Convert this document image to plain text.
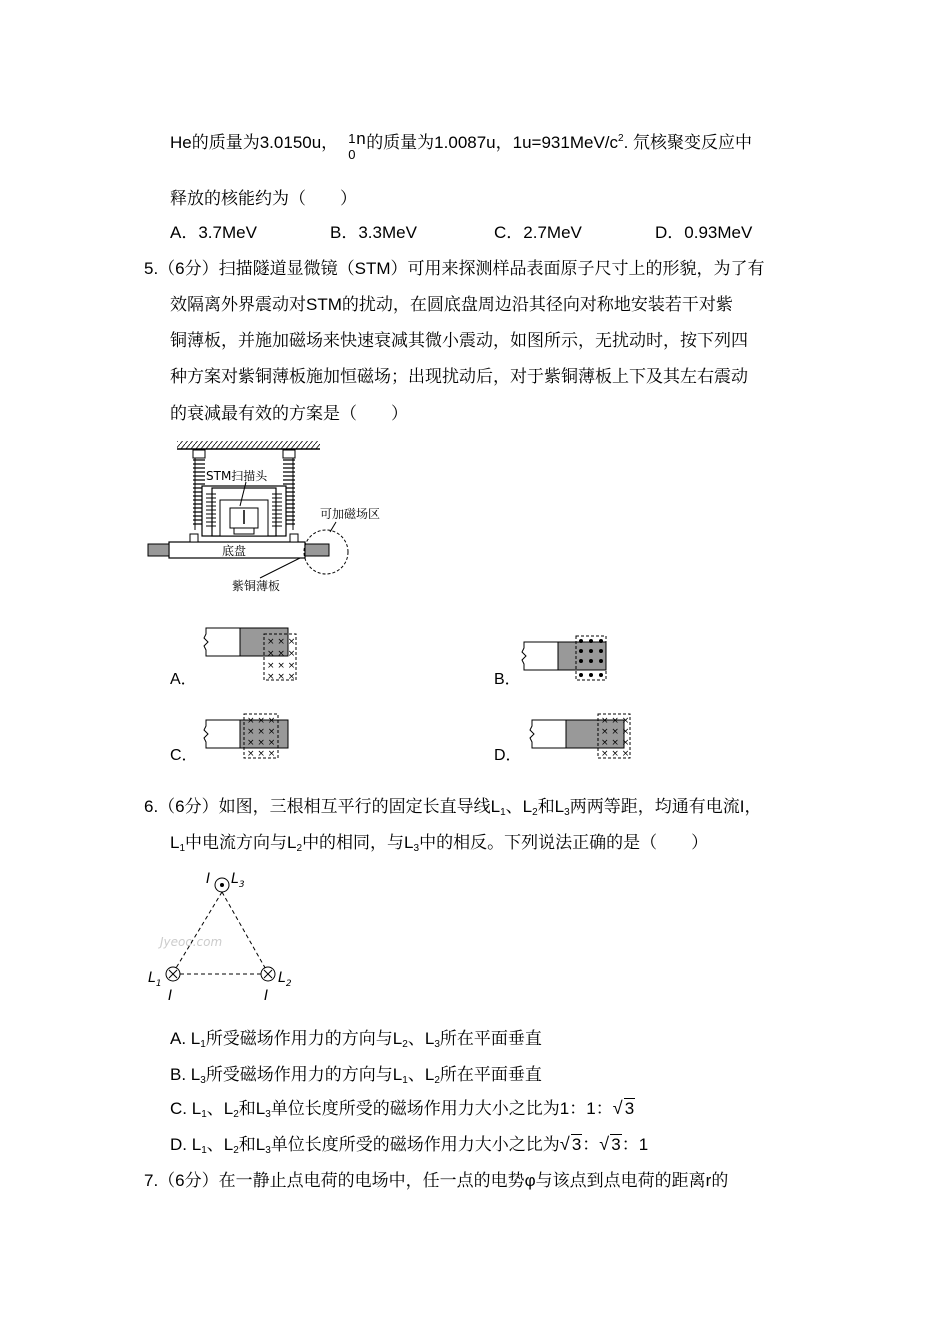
He的质量为3.0150u， 1
0
n 的质量为1.0087u，$1u=931MeV/c^2$. 氘核聚变反应中
释放的核能约为（　　）
A．3.7MeV	B．3.3MeV	C．2.7MeV	D．0.93MeV
5.（6分）扫描隧道显微镜（STM）可用来探测样品表面原子尺寸上的形貌，为了有
效隔离外界震动对STM的扰动，在圆底盘周边沿其径向对称地安装若干对紫
铜薄板，并施加磁场来快速衰减其微小震动，如图所示，无扰动时，按下列四
种方案对紫铜薄板施加恒磁场；出现扰动后，对于紫铜薄板上下及其左右震动
的衰减最有效的方案是（　　）
STM扫描头
底盘
可加磁场区
紫铜薄板
A．
× × ×
× × ×
× × ×
× × ×	B．
C．
× × ×
× × ×
× × ×
× × ×	D．
× × ×
× × ×
× × ×
× × ×
6.（6分）如图，三根相互平行的固定长直导线$L_1$、$L_2$和$L_3$两两等距，均通有电流I，
$L_1$中电流方向与$L_2$中的相同，与$L_3$中的相反。下列说法正确的是（　　）
Jyeoo.com
I $L_3$
$L_1$
I
$L_2$
I
A. $L_1$所受磁场作用力的方向与$L_2$、$L_3$所在平面垂直
B. $L_3$所受磁场作用力的方向与$L_1$、$L_2$所在平面垂直
C. $L_1$、$L_2$和$L_3$单位长度所受的磁场作用力大小之比为1：1： √ 3
D. $L_1$、$L_2$和$L_3$单位长度所受的磁场作用力大小之比为 √ 3： √ 3：1
7.（6分）在一静止点电荷的电场中，任一点的电势φ与该点到点电荷的距离r的
